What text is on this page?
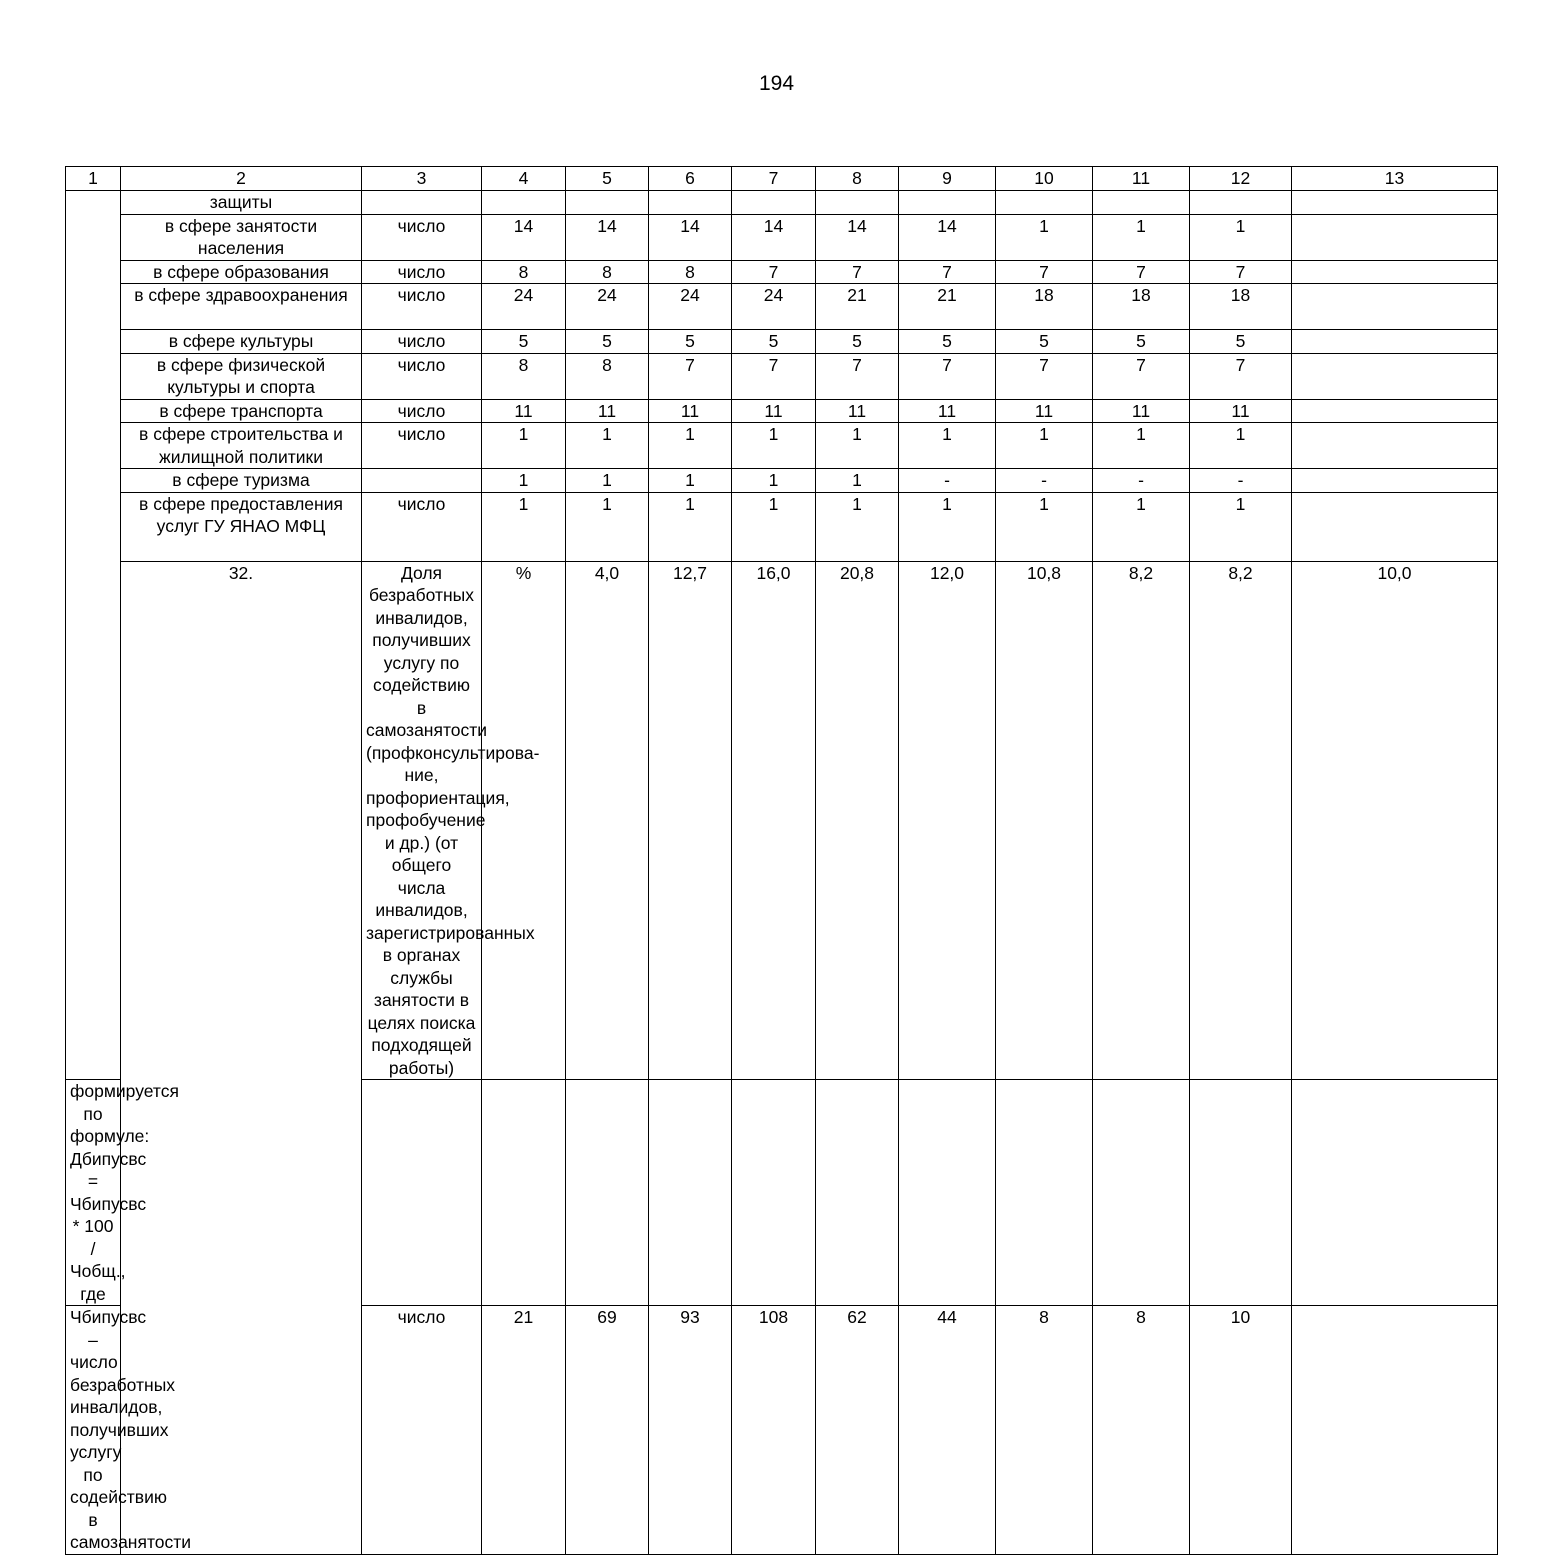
194
1	2	3	4	5	6	7	8	9	10	11	12	13	
	защиты												
	в сфере занятости населения	число	14	14	14	14	14	14	1	1	1		
	в сфере образования	число	8	8	8	7	7	7	7	7	7		
	в сфере здравоохранения	число	24	24	24	24	21	21	18	18	18		
	в сфере культуры	число	5	5	5	5	5	5	5	5	5		
	в сфере физической культуры и спорта	число	8	8	7	7	7	7	7	7	7		
	в сфере транспорта	число	11	11	11	11	11	11	11	11	11		
	в сфере строительства и жилищной политики	число	1	1	1	1	1	1	1	1	1		
	в сфере туризма		1	1	1	1	1	-	-	-	-		
	в сфере предоставления услуг ГУ ЯНАО МФЦ	число	1	1	1	1	1	1	1	1	1		
	32.	Доля безработных инвалидов, получивших услугу по содействию в самозанятости (профконсультирова-ние, профориентация, профобучение и др.) (от общего числа инвалидов, зарегистрированных в органах службы занятости в целях поиска подходящей работы)	%	4,0	12,7	16,0	20,8	12,0	10,8	8,2	8,2	10,0	
формируется по формуле: Дбипусвс = Чбипусвс * 100 / Чобщ., где													
Чбипусвс – число безработных инвалидов, получивших услугу по содействию в самозанятости		число	21	69	93	108	62	44	8	8	10		
